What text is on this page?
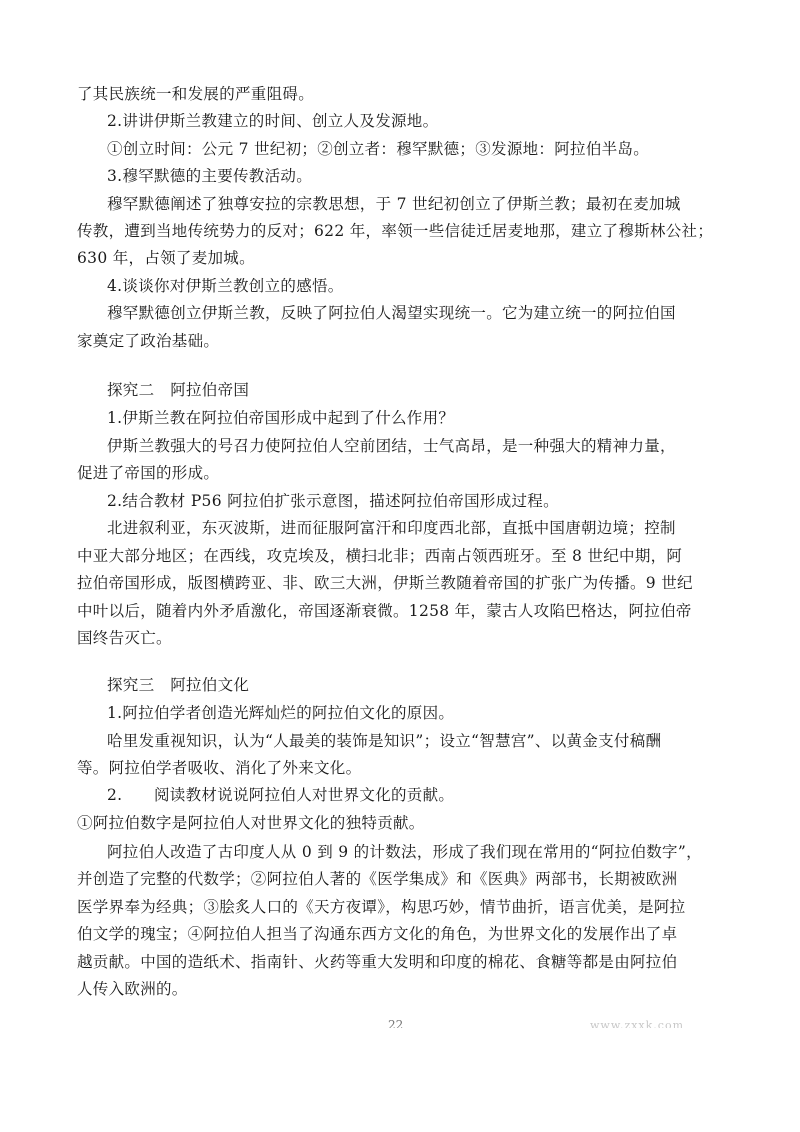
了其民族统一和发展的严重阻碍。
2.讲讲伊斯兰教建立的时间、创立人及发源地。
①创立时间：公元 7 世纪初；②创立者：穆罕默德；③发源地：阿拉伯半岛。
3.穆罕默德的主要传教活动。
穆罕默德阐述了独尊安拉的宗教思想，于 7 世纪初创立了伊斯兰教；最初在麦加城
传教，遭到当地传统势力的反对；622 年，率领一些信徒迁居麦地那，建立了穆斯林公社；
630 年，占领了麦加城。
4.谈谈你对伊斯兰教创立的感悟。
穆罕默德创立伊斯兰教，反映了阿拉伯人渴望实现统一。它为建立统一的阿拉伯国
家奠定了政治基础。
探究二　阿拉伯帝国
1.伊斯兰教在阿拉伯帝国形成中起到了什么作用？
伊斯兰教强大的号召力使阿拉伯人空前团结，士气高昂，是一种强大的精神力量，
促进了帝国的形成。
2.结合教材 P56 阿拉伯扩张示意图，描述阿拉伯帝国形成过程。
北进叙利亚，东灭波斯，进而征服阿富汗和印度西北部，直抵中国唐朝边境；控制
中亚大部分地区；在西线，攻克埃及，横扫北非；西南占领西班牙。至 8 世纪中期，阿
拉伯帝国形成，版图横跨亚、非、欧三大洲，伊斯兰教随着帝国的扩张广为传播。9 世纪
中叶以后，随着内外矛盾激化，帝国逐渐衰微。1258 年，蒙古人攻陷巴格达，阿拉伯帝
国终告灭亡。
探究三　阿拉伯文化
1.阿拉伯学者创造光辉灿烂的阿拉伯文化的原因。
哈里发重视知识，认为“人最美的装饰是知识”；设立“智慧宫”、以黄金支付稿酬
等。阿拉伯学者吸收、消化了外来文化。
2.　　阅读教材说说阿拉伯人对世界文化的贡献。
①阿拉伯数字是阿拉伯人对世界文化的独特贡献。
阿拉伯人改造了古印度人从 0 到 9 的计数法，形成了我们现在常用的“阿拉伯数字”，
并创造了完整的代数学；②阿拉伯人著的《医学集成》和《医典》两部书，长期被欧洲
医学界奉为经典；③脍炙人口的《天方夜谭》，构思巧妙，情节曲折，语言优美，是阿拉
伯文学的瑰宝；④阿拉伯人担当了沟通东西方文化的角色，为世界文化的发展作出了卓
越贡献。中国的造纸术、指南针、火药等重大发明和印度的棉花、食糖等都是由阿拉伯
人传入欧洲的。
22	www.zxxk.com
